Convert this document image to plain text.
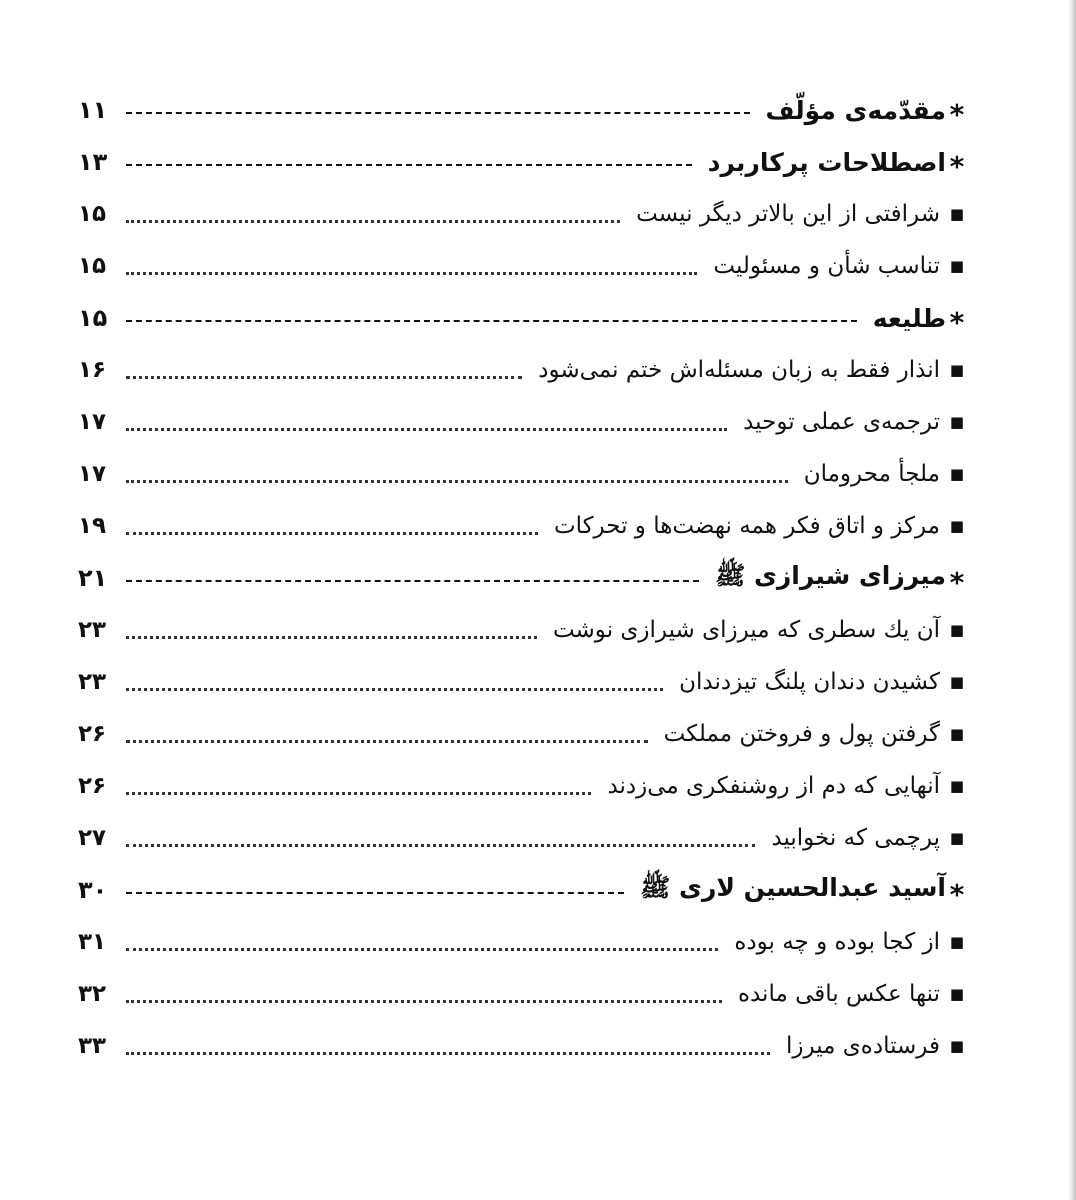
*
مقدّمه‌ی مؤلّف
۱۱
*
اصطلاحات پرکاربرد
۱۳
■
شرافتی از این بالاتر دیگر نیست
۱۵
■
تناسب شأن و مسئولیت
۱۵
*
طلیعه
۱۵
■
انذار فقط به زبان مسئله‌اش ختم نمی‌شود
۱۶
■
ترجمه‌ی عملی توحید
۱۷
■
ملجأ محرومان
۱۷
■
مرکز و اتاق فکر همه نهضت‌ها و تحرکات
۱۹
*
میرزای شیرازی ﷺ
۲۱
■
آن یك سطری که میرزای شیرازی نوشت
۲۳
■
کشیدن دندان پلنگ تیزدندان
۲۳
■
گرفتن پول و فروختن مملکت
۲۶
■
آنهایی که دم از روشنفکری می‌زدند
۲۶
■
پرچمی که نخوابید
۲۷
*
آسید عبدالحسین لاری ﷺ
۳۰
■
از کجا بوده و چه بوده
۳۱
■
تنها عکس باقی مانده
۳۲
■
فرستاده‌ی میرزا
۳۳
